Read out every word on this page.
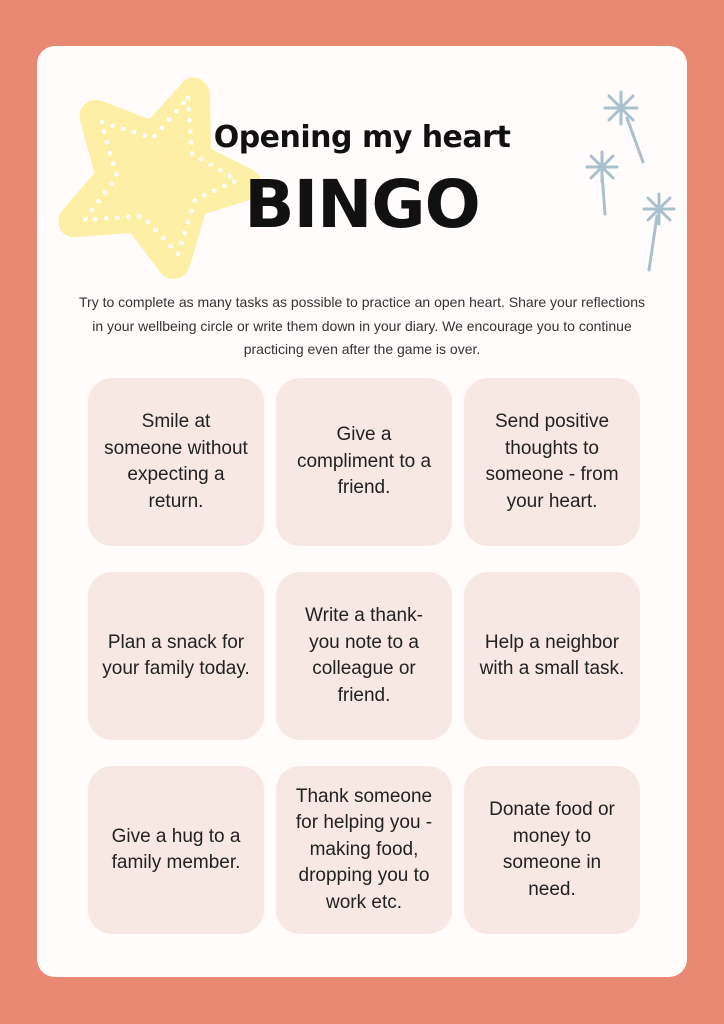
Opening my heart
BINGO
Try to complete as many tasks as possible to practice an open heart. Share your reflections in your wellbeing circle or write them down in your diary. We encourage you to continue practicing even after the game is over.
Smile at someone without expecting a return.
Give a compliment to a friend.
Send positive thoughts to someone - from your heart.
Plan a snack for your family today.
Write a thank-you note to a colleague or friend.
Help a neighbor with a small task.
Give a hug to a family member.
Thank someone for helping you - making food, dropping you to work etc.
Donate food or money to someone in need.
